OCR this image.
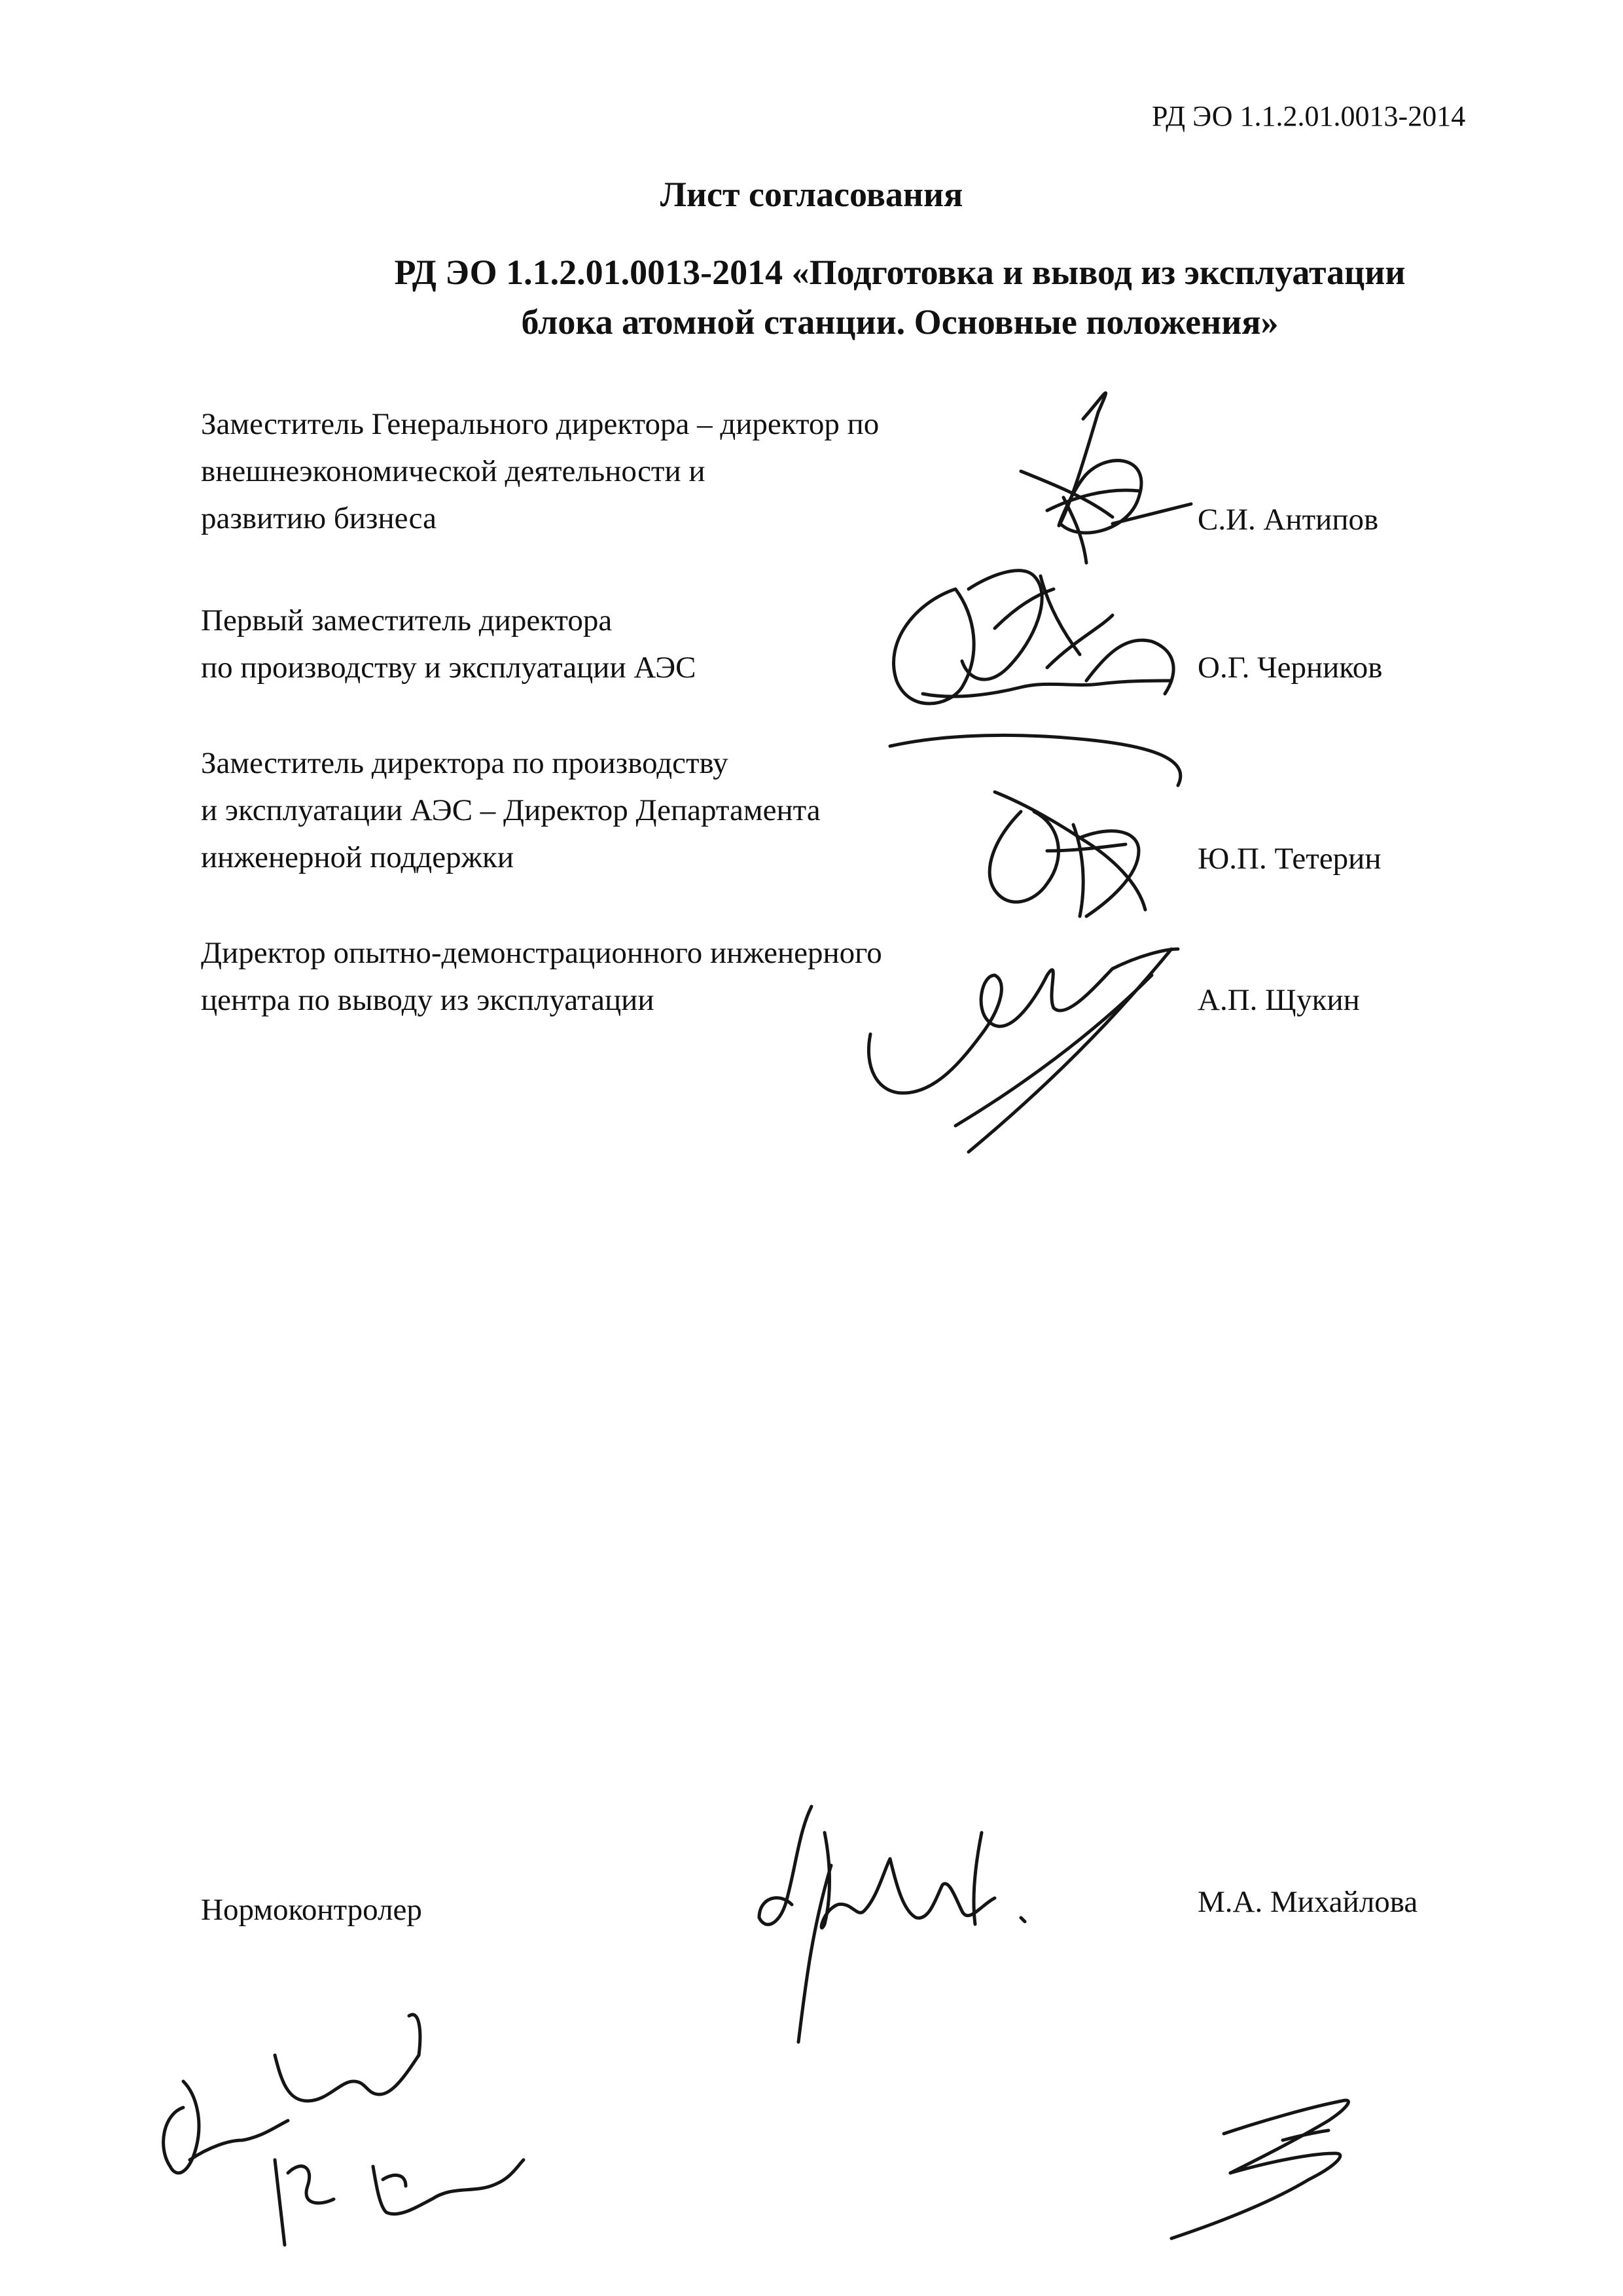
РД ЭО 1.1.2.01.0013-2014
Лист согласования
РД ЭО 1.1.2.01.0013-2014 «Подготовка и вывод из эксплуатации
блока атомной станции. Основные положения»
Заместитель Генерального директора – директор по
внешнеэкономической деятельности и
развитию бизнеса	С.И. Антипов
Первый заместитель директора
по производству и эксплуатации АЭС	О.Г. Черников
Заместитель директора по производству
и эксплуатации АЭС – Директор Департамента
инженерной поддержки	Ю.П. Тетерин
Директор опытно-демонстрационного инженерного
центра по выводу из эксплуатации	А.П. Щукин
Нормоконтролер	М.А. Михайлова
